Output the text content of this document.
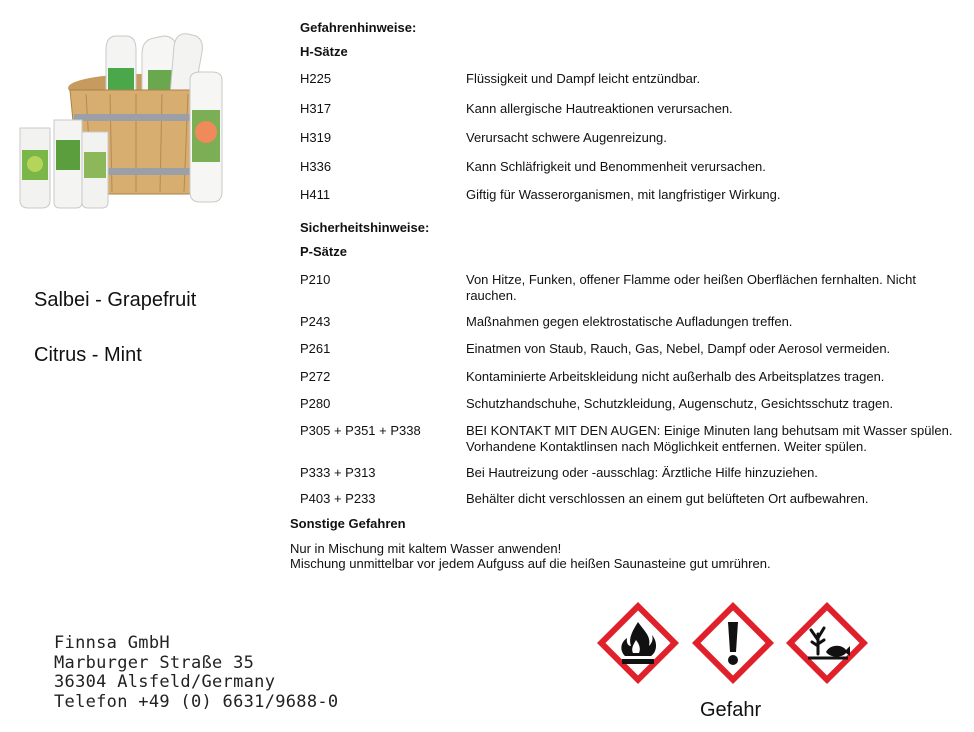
Salbei - Grapefruit
Citrus - Mint
Gefahrenhinweise:
H-Sätze
H225	Flüssigkeit und Dampf leicht entzündbar.
H317	Kann allergische Hautreaktionen verursachen.
H319	Verursacht schwere Augenreizung.
H336	Kann Schläfrigkeit und Benommenheit verursachen.
H411	Giftig für Wasserorganismen, mit langfristiger Wirkung.
Sicherheitshinweise:
P-Sätze
P210	Von Hitze, Funken, offener Flamme oder heißen Oberflächen fernhalten. Nicht rauchen.
P243	Maßnahmen gegen elektrostatische Aufladungen treffen.
P261	Einatmen von Staub, Rauch, Gas, Nebel, Dampf oder Aerosol vermeiden.
P272	Kontaminierte Arbeitskleidung nicht außerhalb des Arbeitsplatzes tragen.
P280	Schutzhandschuhe, Schutzkleidung, Augenschutz, Gesichtsschutz tragen.
P305 + P351 + P338	BEI KONTAKT MIT DEN AUGEN: Einige Minuten lang behutsam mit Wasser spülen. Vorhandene Kontaktlinsen nach Möglichkeit entfernen. Weiter spülen.
P333 + P313	Bei Hautreizung oder -ausschlag: Ärztliche Hilfe hinzuziehen.
P403 + P233	Behälter dicht verschlossen an einem gut belüfteten Ort aufbewahren.
Sonstige Gefahren
Nur in Mischung mit kaltem Wasser anwenden!
Mischung unmittelbar vor jedem Aufguss auf die heißen Saunasteine gut umrühren.
Finnsa GmbH
Marburger Straße 35
36304 Alsfeld/Germany
Telefon +49 (0) 6631/9688-0	Gefahr
